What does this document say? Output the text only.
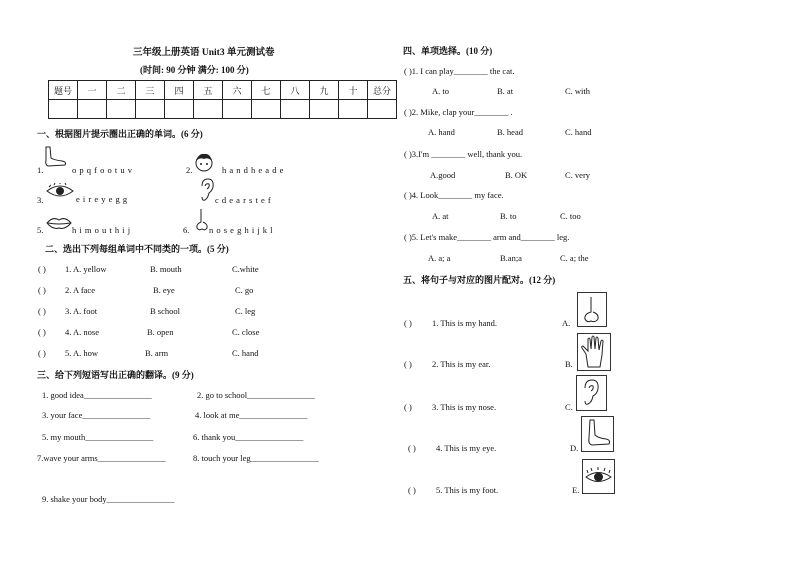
三年级上册英语 Unit3 单元测试卷
(时间: 90 分钟 满分: 100 分)
题号	一	二	三	四	五	六	七	八	九	十	总分

一、根据图片提示圈出正确的单词。(6 分)
1.	o p q f o o t u v	2.	h a n d h e a d e
3.	e i r e y e g g	c d e a r s t e f
5.	h i m o u t h i j	6. n o s e g h i j k l
二、选出下列每组单词中不同类的一项。(5 分)
( ) 1. A. yellow	B. mouth	C.white
( ) 2. A face	B. eye	C. go
( ) 3. A. foot	B school	C. leg
( ) 4. A. nose	B. open	C. close
( ) 5. A. how	B. arm	C. hand
三、给下列短语写出正确的翻译。(9 分)
1. good idea________________	2. go to school________________
3. your face________________	4. look at me________________
5. my mouth________________	6. thank you________________
7.wave your arms________________	8. touch your leg________________
9. shake your body________________
四、单项选择。(10 分)
( )1. I can play________ the cat.
A. to	B. at	C. with
( )2. Mike, clap your________ .
A. hand	B. head	C. hand
( )3.I'm ________ well, thank you.
A.good	B. OK	C. very
( )4. Look________ my face.
A. at	B. to	C. too
( )5. Let's make________ arm and________ leg.
A. a; a	B.an;a	C. a; the
五、将句子与对应的图片配对。(12 分)
( ) 1. This is my hand.	A.
( ) 2. This is my ear.	B.
( ) 3. This is my nose.	C.
( ) 4. This is my eye.	D.
( ) 5. This is my foot.	E.
